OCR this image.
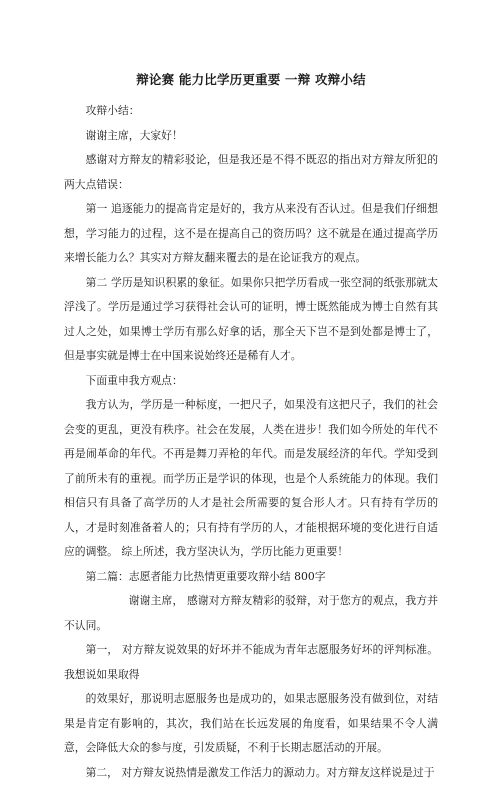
辩论赛 能力比学历更重要 一辩 攻辩小结

攻辩小结：

谢谢主席，大家好！

感谢对方辩友的精彩驳论，但是我还是不得不既忍的指出对方辩友所犯的两大点错误：

第一 追逐能力的提高肯定是好的，我方从来没有否认过。但是我们仔细想想，学习能力的过程，这不是在提高自己的资历吗？这不就是在通过提高学历来增长能力么？其实对方辩友翻来覆去的是在论证我方的观点。

第二 学历是知识积累的象征。如果你只把学历看成一张空洞的纸张那就太浮浅了。学历是通过学习获得社会认可的证明，博士既然能成为博士自然有其过人之处，如果博士学历有那么好拿的话，那全天下岂不是到处都是博士了，但是事实就是博士在中国来说始终还是稀有人才。

下面重申我方观点：

我方认为，学历是一种标度，一把尺子，如果没有这把尺子，我们的社会会变的更乱，更没有秩序。社会在发展，人类在进步！我们如今所处的年代不再是闹革命的年代。不再是舞刀弄枪的年代。而是发展经济的年代。学知受到了前所未有的重视。而学历正是学识的体现，也是个人系统能力的体现。我们相信只有具备了高学历的人才是社会所需要的复合形人才。只有持有学历的人，才是时刻准备着人的；只有持有学历的人，才能根据环境的变化进行自适应的调整。 综上所述，我方坚决认为，学历比能力更重要！

第二篇：志愿者能力比热情更重要攻辩小结 800字

谢谢主席， 感谢对方辩友精彩的驳辩，对于您方的观点，我方并不认同。

第一， 对方辩友说效果的好坏并不能成为青年志愿服务好坏的评判标准。我想说如果取得

的效果好，那说明志愿服务也是成功的，如果志愿服务没有做到位，对结果是肯定有影响的，其次，我们站在长远发展的角度看，如果结果不令人满意，会降低大众的参与度，引发质疑，不利于长期志愿活动的开展。

第二， 对方辩友说热情是激发工作活力的源动力。对方辩友这样说是过于
